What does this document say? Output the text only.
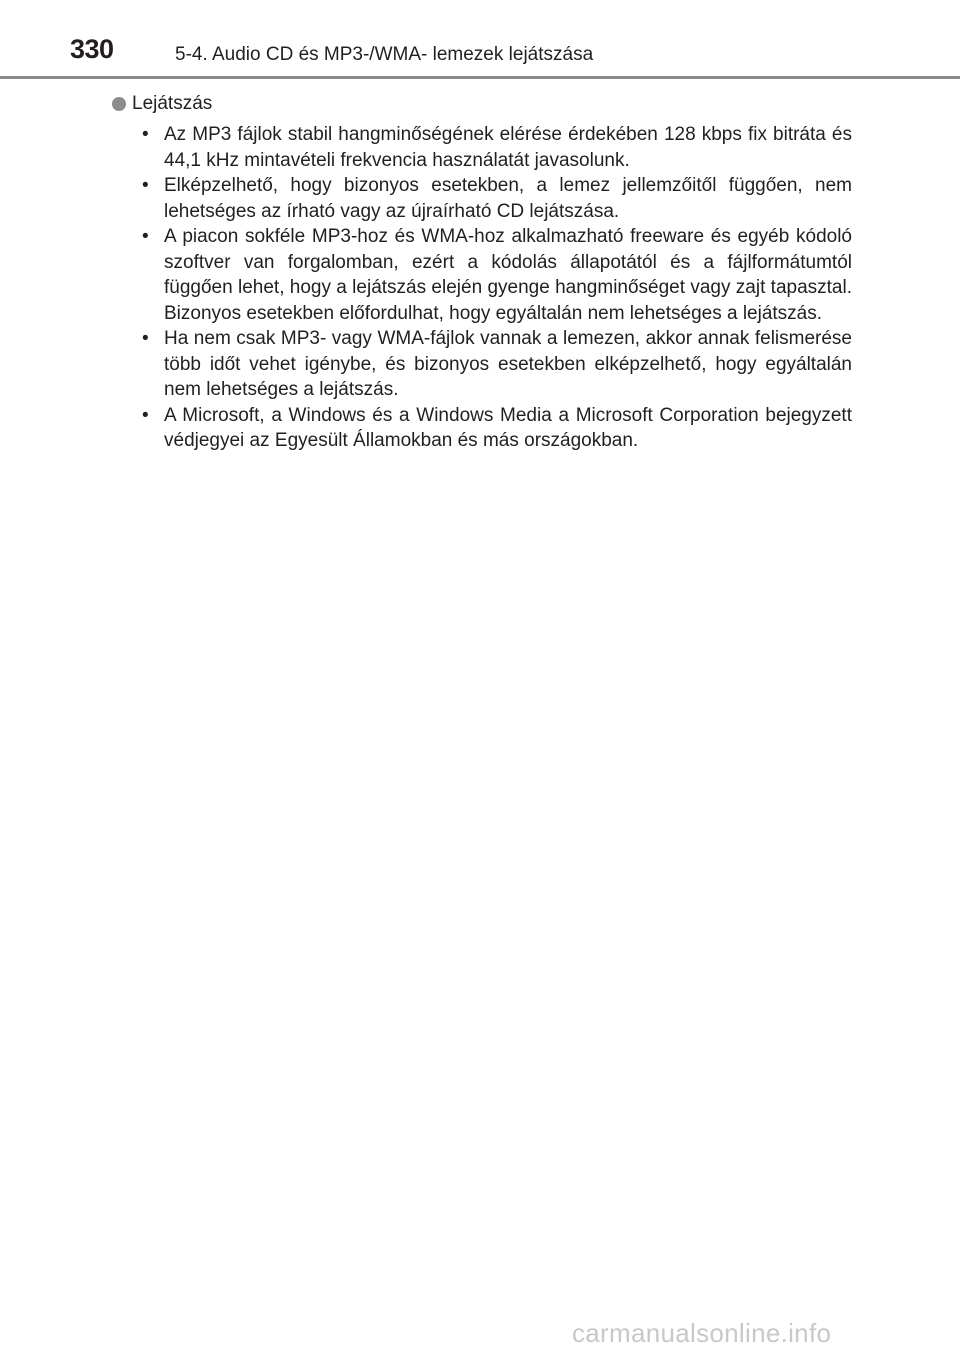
330	5-4. Audio CD és MP3-/WMA- lemezek lejátszása
Lejátszás
• Az MP3 fájlok stabil hangminőségének elérése érdekében 128 kbps fix bitráta és 44,1 kHz mintavételi frekvencia használatát javasolunk.
• Elképzelhető, hogy bizonyos esetekben, a lemez jellemzőitől függően, nem lehetséges az írható vagy az újraírható CD lejátszása.
• A piacon sokféle MP3-hoz és WMA-hoz alkalmazható freeware és egyéb kódoló szoftver van forgalomban, ezért a kódolás állapotától és a fájlformátumtól függően lehet, hogy a lejátszás elején gyenge hangminőséget vagy zajt tapasztal. Bizonyos esetekben előfordulhat, hogy egyáltalán nem lehetséges a lejátszás.
• Ha nem csak MP3- vagy WMA-fájlok vannak a lemezen, akkor annak felismerése több időt vehet igénybe, és bizonyos esetekben elképzelhető, hogy egyáltalán nem lehetséges a lejátszás.
• A Microsoft, a Windows és a Windows Media a Microsoft Corporation bejegyzett védjegyei az Egyesült Államokban és más országokban.
carmanualsonline.info
